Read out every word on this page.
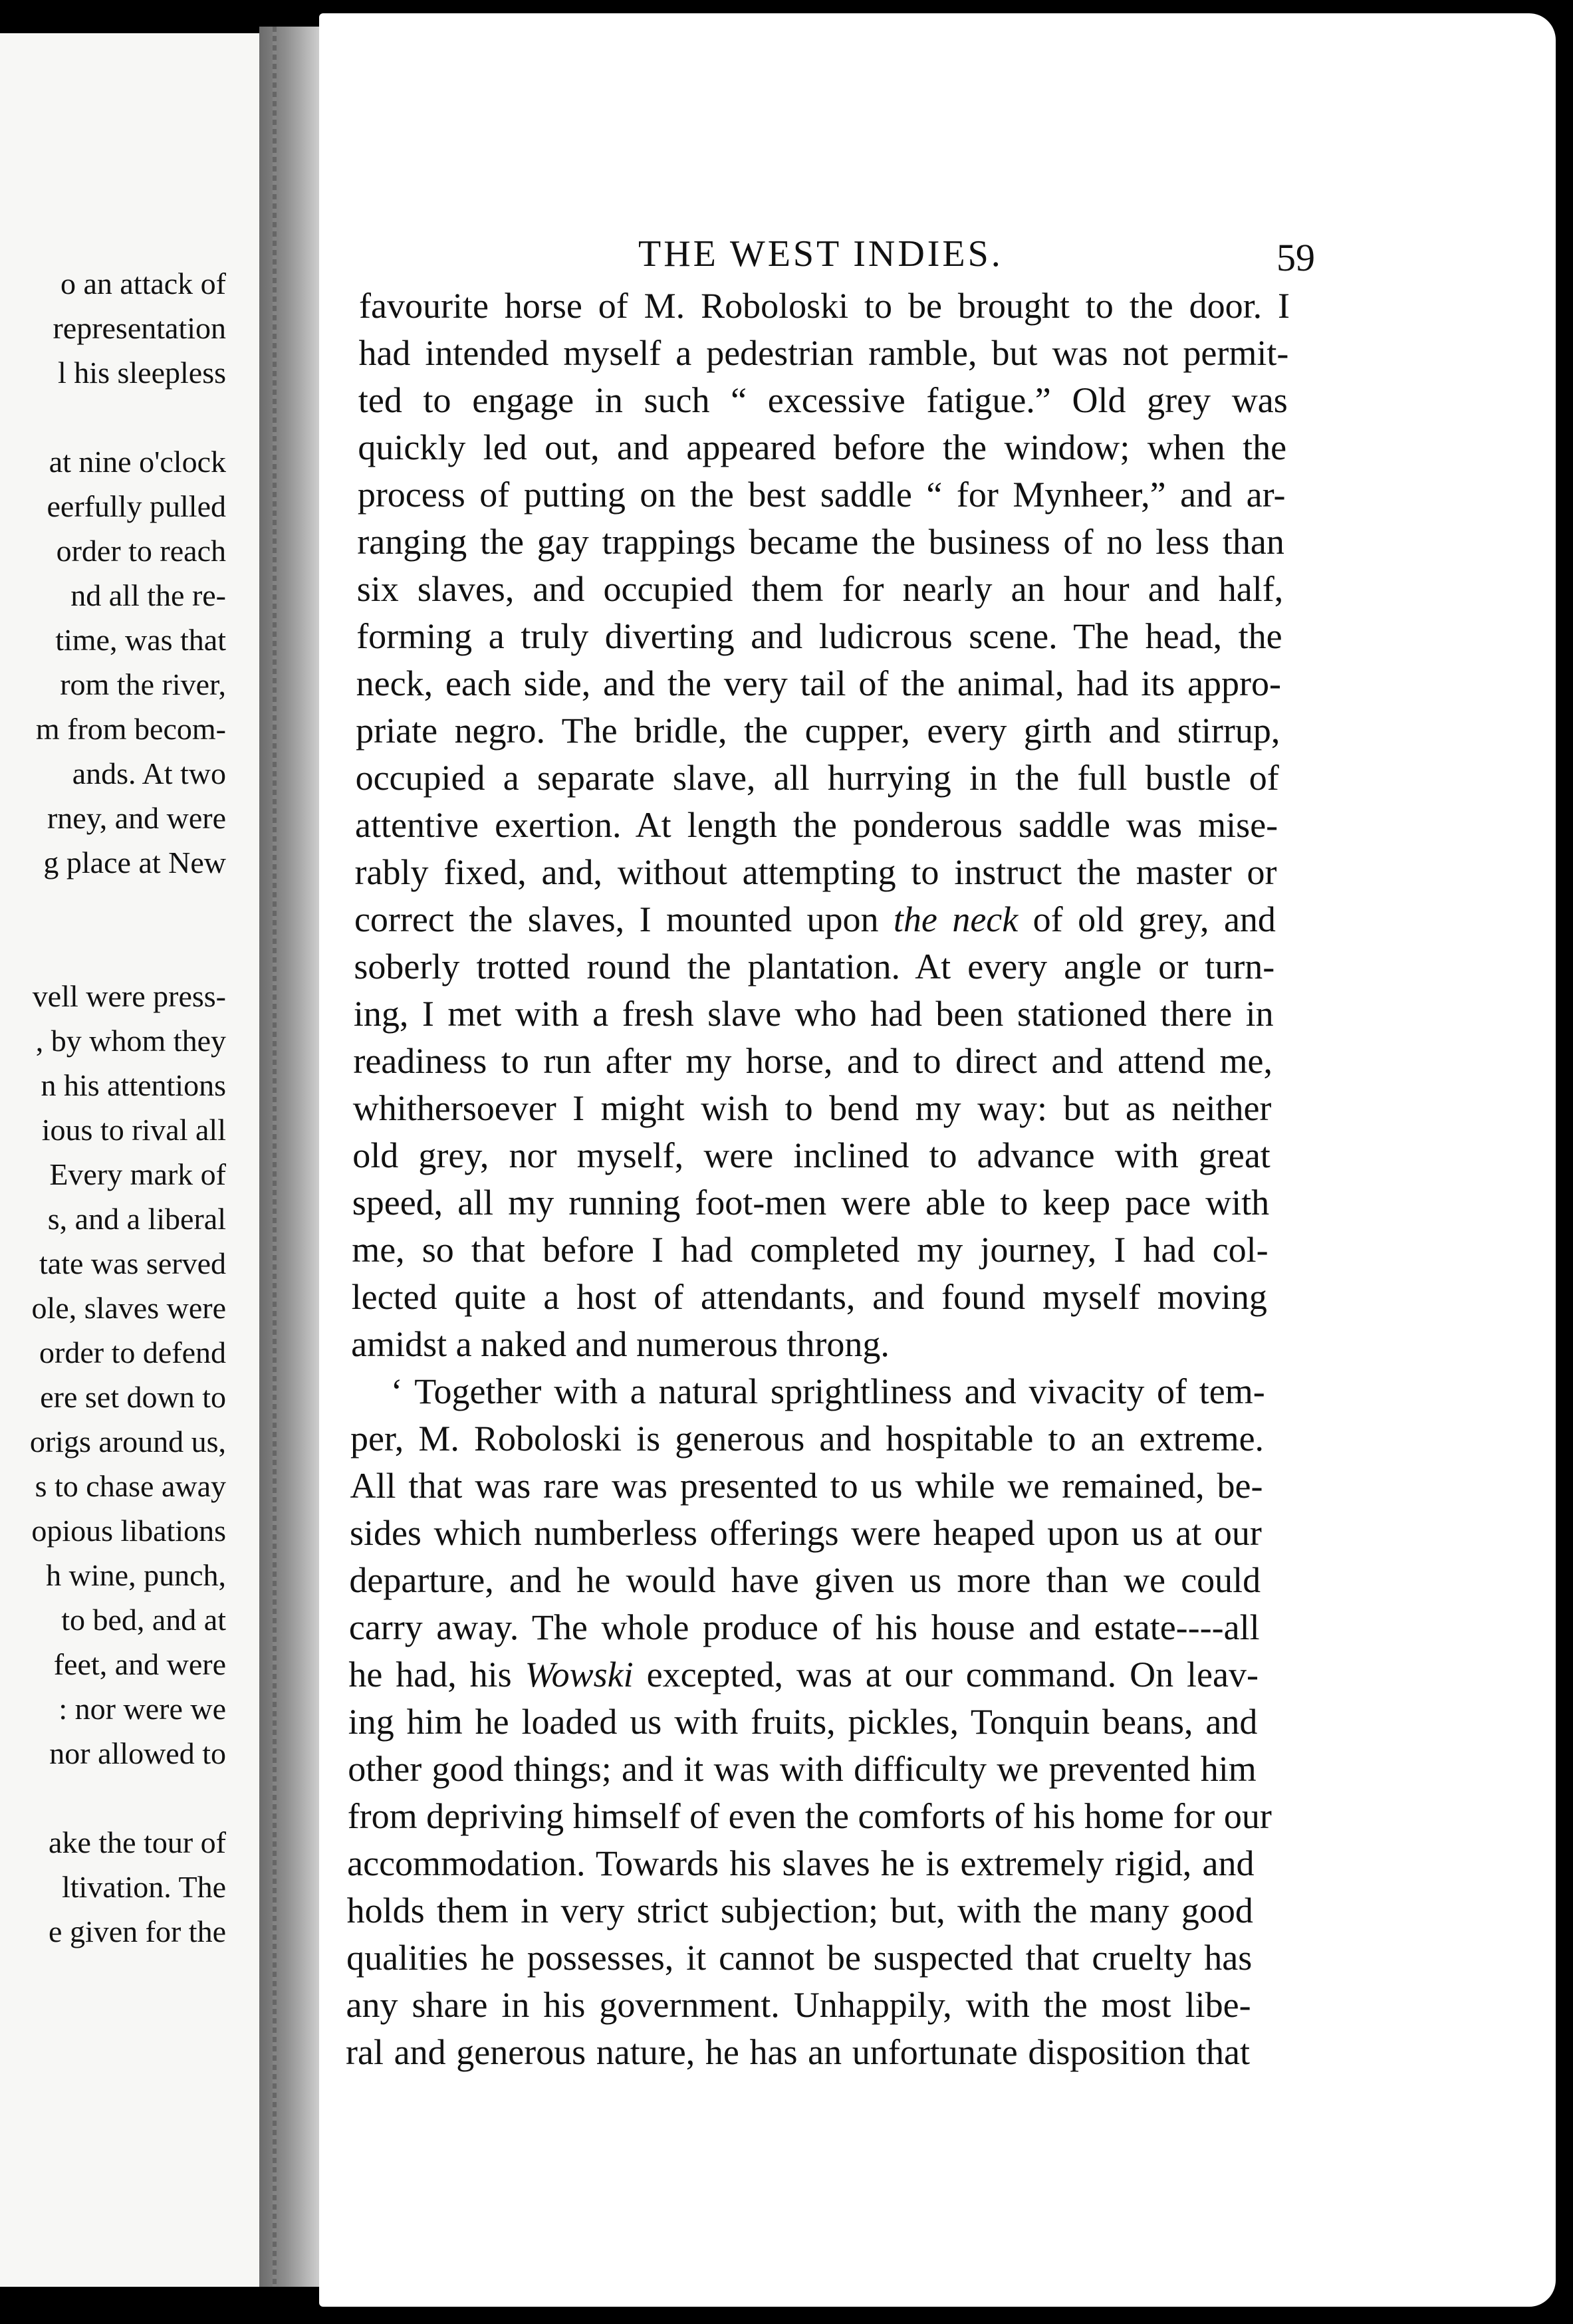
o an attack of
representation
l his sleepless
at nine o'clock
eerfully pulled
order to reach
nd all the re-
time, was that
rom the river,
m from becom-
ands. At two
rney, and were
g place at New
vell were press-
, by whom they
n his attentions
ious to rival all
Every mark of
s, and a liberal
tate was served
ole, slaves were
order to defend
ere set down to
origs around us,
s to chase away
opious libations
h wine, punch,
to bed, and at
feet, and were
: nor were we
nor allowed to
ake the tour of
ltivation. The
e given for the
THE WEST INDIES.	59
favourite horse of M. Roboloski to be brought to the door. I
had intended myself a pedestrian ramble, but was not permit-
ted to engage in such “ excessive fatigue.” Old grey was
quickly led out, and appeared before the window; when the
process of putting on the best saddle “ for Mynheer,” and ar-
ranging the gay trappings became the business of no less than
six slaves, and occupied them for nearly an hour and half,
forming a truly diverting and ludicrous scene. The head, the
neck, each side, and the very tail of the animal, had its appro-
priate negro. The bridle, the cupper, every girth and stirrup,
occupied a separate slave, all hurrying in the full bustle of
attentive exertion. At length the ponderous saddle was mise-
rably fixed, and, without attempting to instruct the master or
correct the slaves, I mounted upon the neck of old grey, and
soberly trotted round the plantation. At every angle or turn-
ing, I met with a fresh slave who had been stationed there in
readiness to run after my horse, and to direct and attend me,
whithersoever I might wish to bend my way: but as neither
old grey, nor myself, were inclined to advance with great
speed, all my running foot-men were able to keep pace with
me, so that before I had completed my journey, I had col-
lected quite a host of attendants, and found myself moving
amidst a naked and numerous throng.
‘ Together with a natural sprightliness and vivacity of tem-
per, M. Roboloski is generous and hospitable to an extreme.
All that was rare was presented to us while we remained, be-
sides which numberless offerings were heaped upon us at our
departure, and he would have given us more than we could
carry away. The whole produce of his house and estate----all
he had, his Wowski excepted, was at our command. On leav-
ing him he loaded us with fruits, pickles, Tonquin beans, and
other good things; and it was with difficulty we prevented him
from depriving himself of even the comforts of his home for our
accommodation. Towards his slaves he is extremely rigid, and
holds them in very strict subjection; but, with the many good
qualities he possesses, it cannot be suspected that cruelty has
any share in his government. Unhappily, with the most libe-
ral and generous nature, he has an unfortunate disposition that
